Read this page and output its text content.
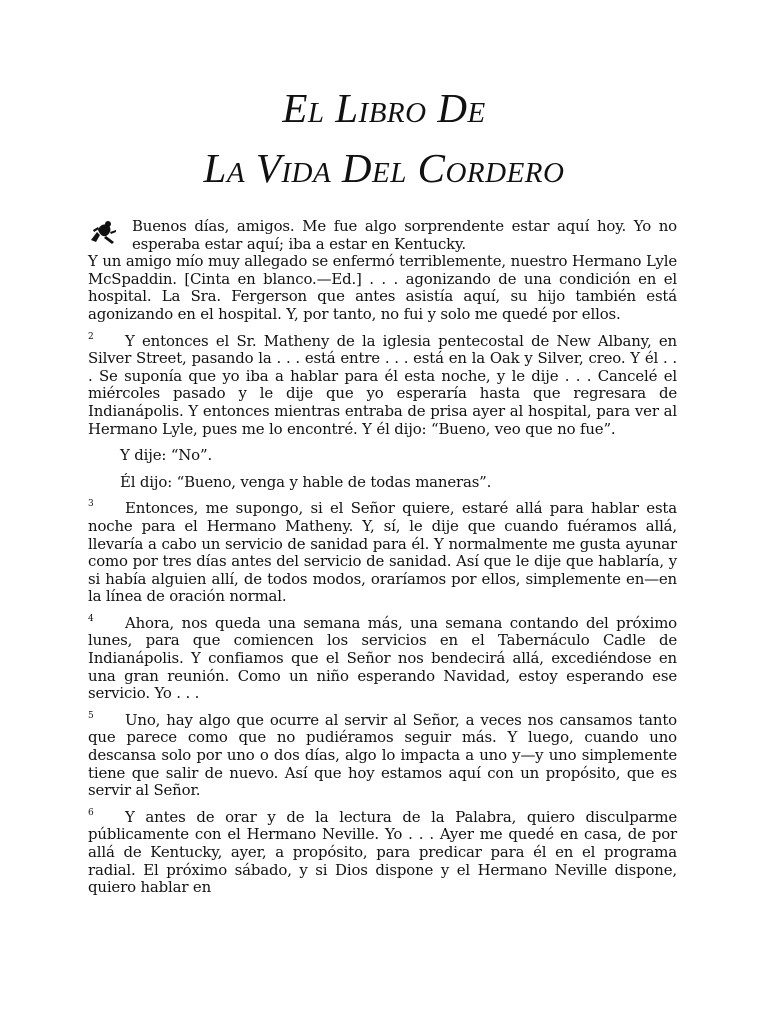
El Libro De
La Vida Del Cordero
Buenos días, amigos. Me fue algo sorprendente estar aquí hoy. Yo no esperaba estar aquí; iba a estar en Kentucky.
Y un amigo mío muy allegado se enfermó terriblemente, nuestro Hermano Lyle McSpaddin. [Cinta en blanco.—Ed.] . . . agonizando de una condición en el hospital. La Sra. Fergerson que antes asistía aquí, su hijo también está agonizando en el hospital. Y, por tanto, no fui y solo me quedé por ellos.
2 Y entonces el Sr. Matheny de la iglesia pentecostal de New Albany, en Silver Street, pasando la . . . está entre . . . está en la Oak y Silver, creo. Y él . . . Se suponía que yo iba a hablar para él esta noche, y le dije . . . Cancelé el miércoles pasado y le dije que yo esperaría hasta que regresara de Indianápolis. Y entonces mientras entraba de prisa ayer al hospital, para ver al Hermano Lyle, pues me lo encontré. Y él dijo: “Bueno, veo que no fue”.
Y dije: “No”.
Él dijo: “Bueno, venga y hable de todas maneras”.
3 Entonces, me supongo, si el Señor quiere, estaré allá para hablar esta noche para el Hermano Matheny. Y, sí, le dije que cuando fuéramos allá, llevaría a cabo un servicio de sanidad para él. Y normalmente me gusta ayunar como por tres días antes del servicio de sanidad. Así que le dije que hablaría, y si había alguien allí, de todos modos, oraríamos por ellos, simplemente en—en la línea de oración normal.
4 Ahora, nos queda una semana más, una semana contando del próximo lunes, para que comiencen los servicios en el Tabernáculo Cadle de Indianápolis. Y confiamos que el Señor nos bendecirá allá, excediéndose en una gran reunión. Como un niño esperando Navidad, estoy esperando ese servicio. Yo . . .
5 Uno, hay algo que ocurre al servir al Señor, a veces nos cansamos tanto que parece como que no pudiéramos seguir más. Y luego, cuando uno descansa solo por uno o dos días, algo lo impacta a uno y—y uno simplemente tiene que salir de nuevo. Así que hoy estamos aquí con un propósito, que es servir al Señor.
6 Y antes de orar y de la lectura de la Palabra, quiero disculparme públicamente con el Hermano Neville. Yo . . . Ayer me quedé en casa, de por allá de Kentucky, ayer, a propósito, para predicar para él en el programa radial. El próximo sábado, y si Dios dispone y el Hermano Neville dispone, quiero hablar en
